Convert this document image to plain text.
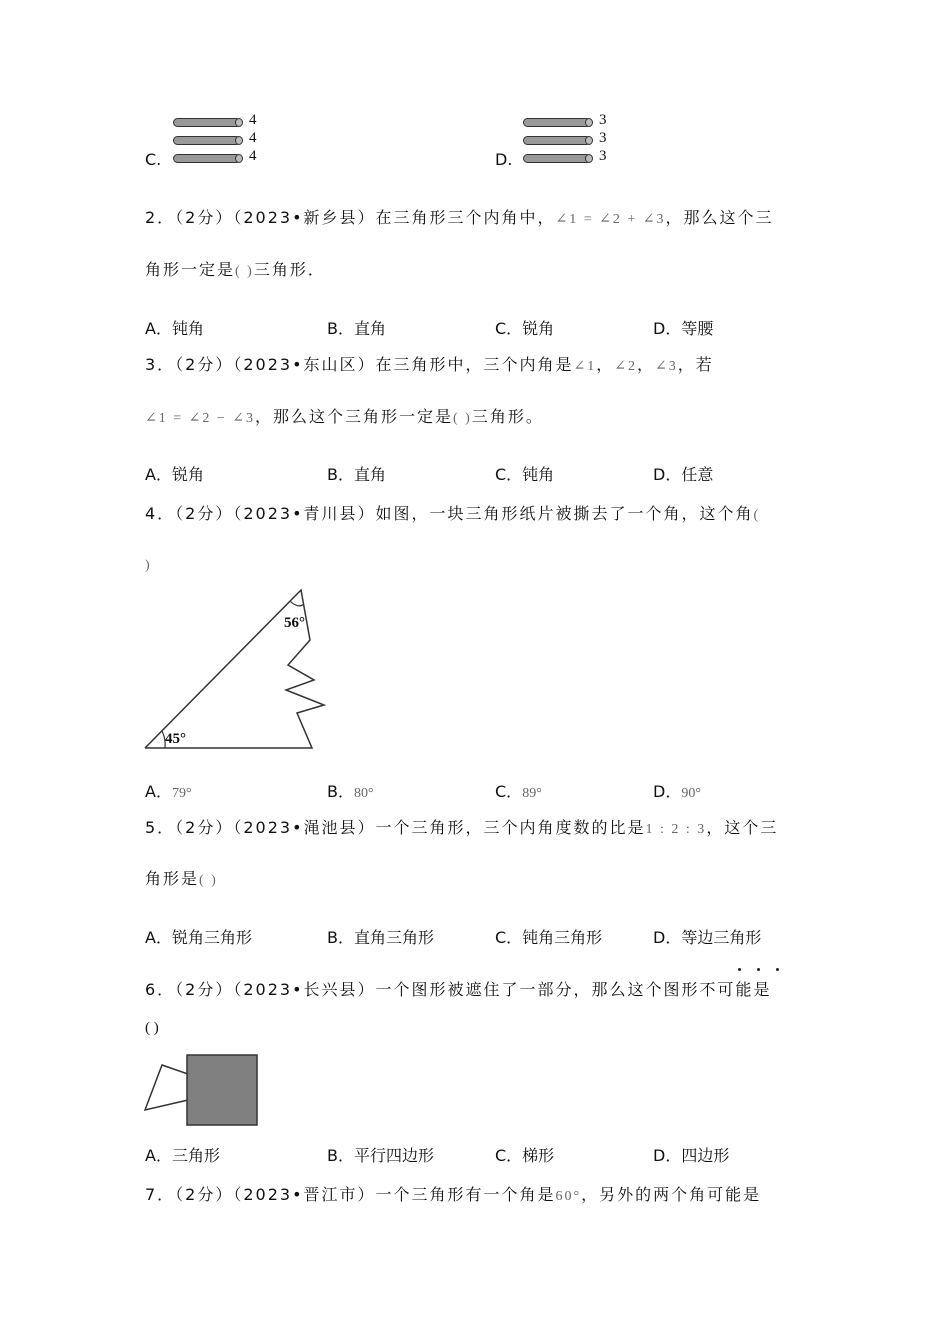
C.
4
4
4	D.
3
3
3
2．（2分）（2023•新乡县）在三角形三个内角中，∠1 = ∠2 + ∠3，那么这个三
角形一定是( )三角形．
A．钝角	B．直角	C．锐角	D．等腰
3．（2分）（2023•东山区）在三角形中，三个内角是∠1，∠2，∠3，若
∠1 = ∠2 − ∠3，那么这个三角形一定是( )三角形。
A．锐角	B．直角	C．钝角	D．任意
4．（2分）（2023•青川县）如图，一块三角形纸片被撕去了一个角，这个角(
)
56°
45°
A．79°	B．80°	C．89°	D．90°
5．（2分）（2023•渑池县）一个三角形，三个内角度数的比是1 : 2 : 3，这个三
角形是( )
A．锐角三角形	B．直角三角形	C．钝角三角形	D．等边三角形
6．（2分）（2023•长兴县）一个图形被遮住了一部分，那么这个图形不可能是
( )
A．三角形	B．平行四边形	C．梯形	D．四边形
7．（2分）（2023•晋江市）一个三角形有一个角是60°，另外的两个角可能是
